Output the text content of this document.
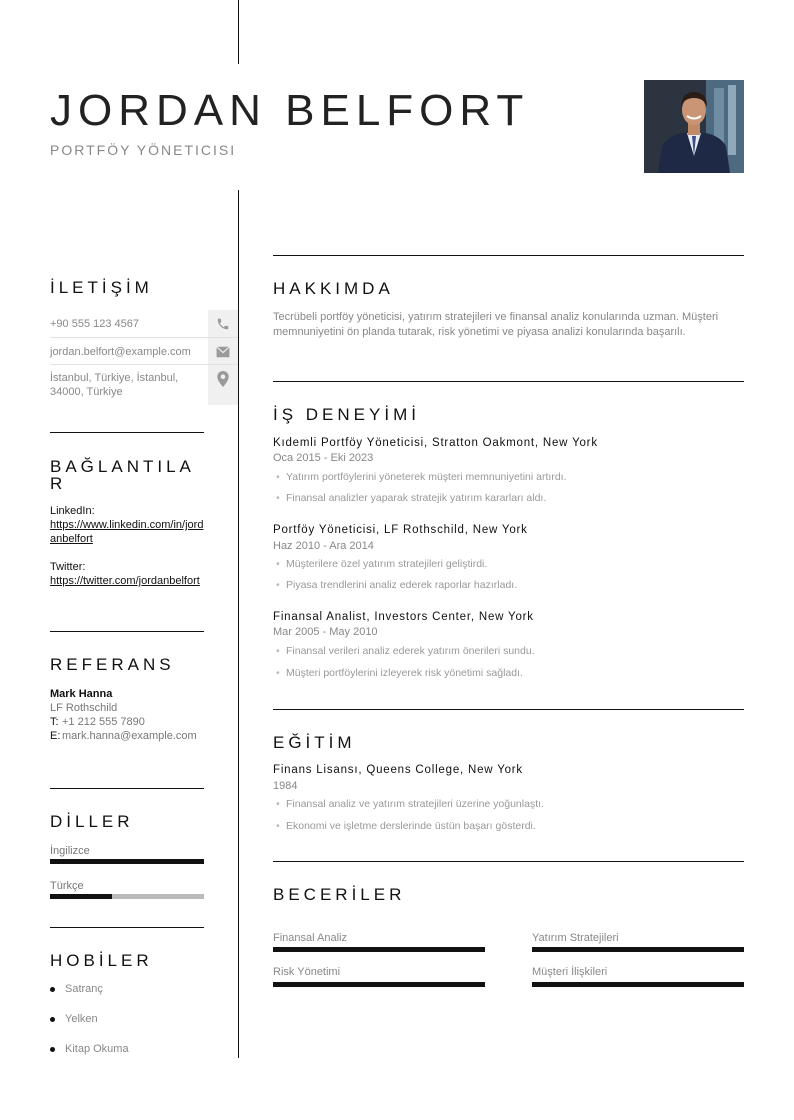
JORDAN BELFORT

PORTFÖY YÖNETICISI

İLETİŞİM
+90 555 123 4567
jordan.belfort@example.com
İstanbul, Türkiye, İstanbul, 34000, Türkiye
BAĞLANTILA R
LinkedIn:
https://www.linkedin.com/in/jordanbelfort
Twitter:
https://twitter.com/jordanbelfort
REFERANS
Mark Hanna
LF Rothschild
T: +1 212 555 7890
E: mark.hanna@example.com
DİLLER
İngilizce
Türkçe
HOBİLER
Satranç
Yelken
Kitap Okuma
HAKKIMDA

Tecrübeli portföy yöneticisi, yatırım stratejileri ve finansal analiz konularında uzman. Müşteri memnuniyetini ön planda tutarak, risk yönetimi ve piyasa analizi konularında başarılı.

İŞ DENEYİMİ

Kıdemli Portföy Yöneticisi, Stratton Oakmont, New York

Oca 2015 - Eki 2023

• Yatırım portföylerini yöneterek müşteri memnuniyetini artırdı.
• Finansal analizler yaparak stratejik yatırım kararları aldı.

Portföy Yöneticisi, LF Rothschild, New York

Haz 2010 - Ara 2014

• Müşterilere özel yatırım stratejileri geliştirdi.
• Piyasa trendlerini analiz ederek raporlar hazırladı.

Finansal Analist, Investors Center, New York

Mar 2005 - May 2010

• Finansal verileri analiz ederek yatırım önerileri sundu.
• Müşteri portföylerini izleyerek risk yönetimi sağladı.
EĞİTİM

Finans Lisansı, Queens College, New York

1984

• Finansal analiz ve yatırım stratejileri üzerine yoğunlaştı.
• Ekonomi ve işletme derslerinde üstün başarı gösterdi.
BECERİLER
Finansal Analiz	Yatırım Stratejileri
Risk Yönetimi	Müşteri İlişkileri
